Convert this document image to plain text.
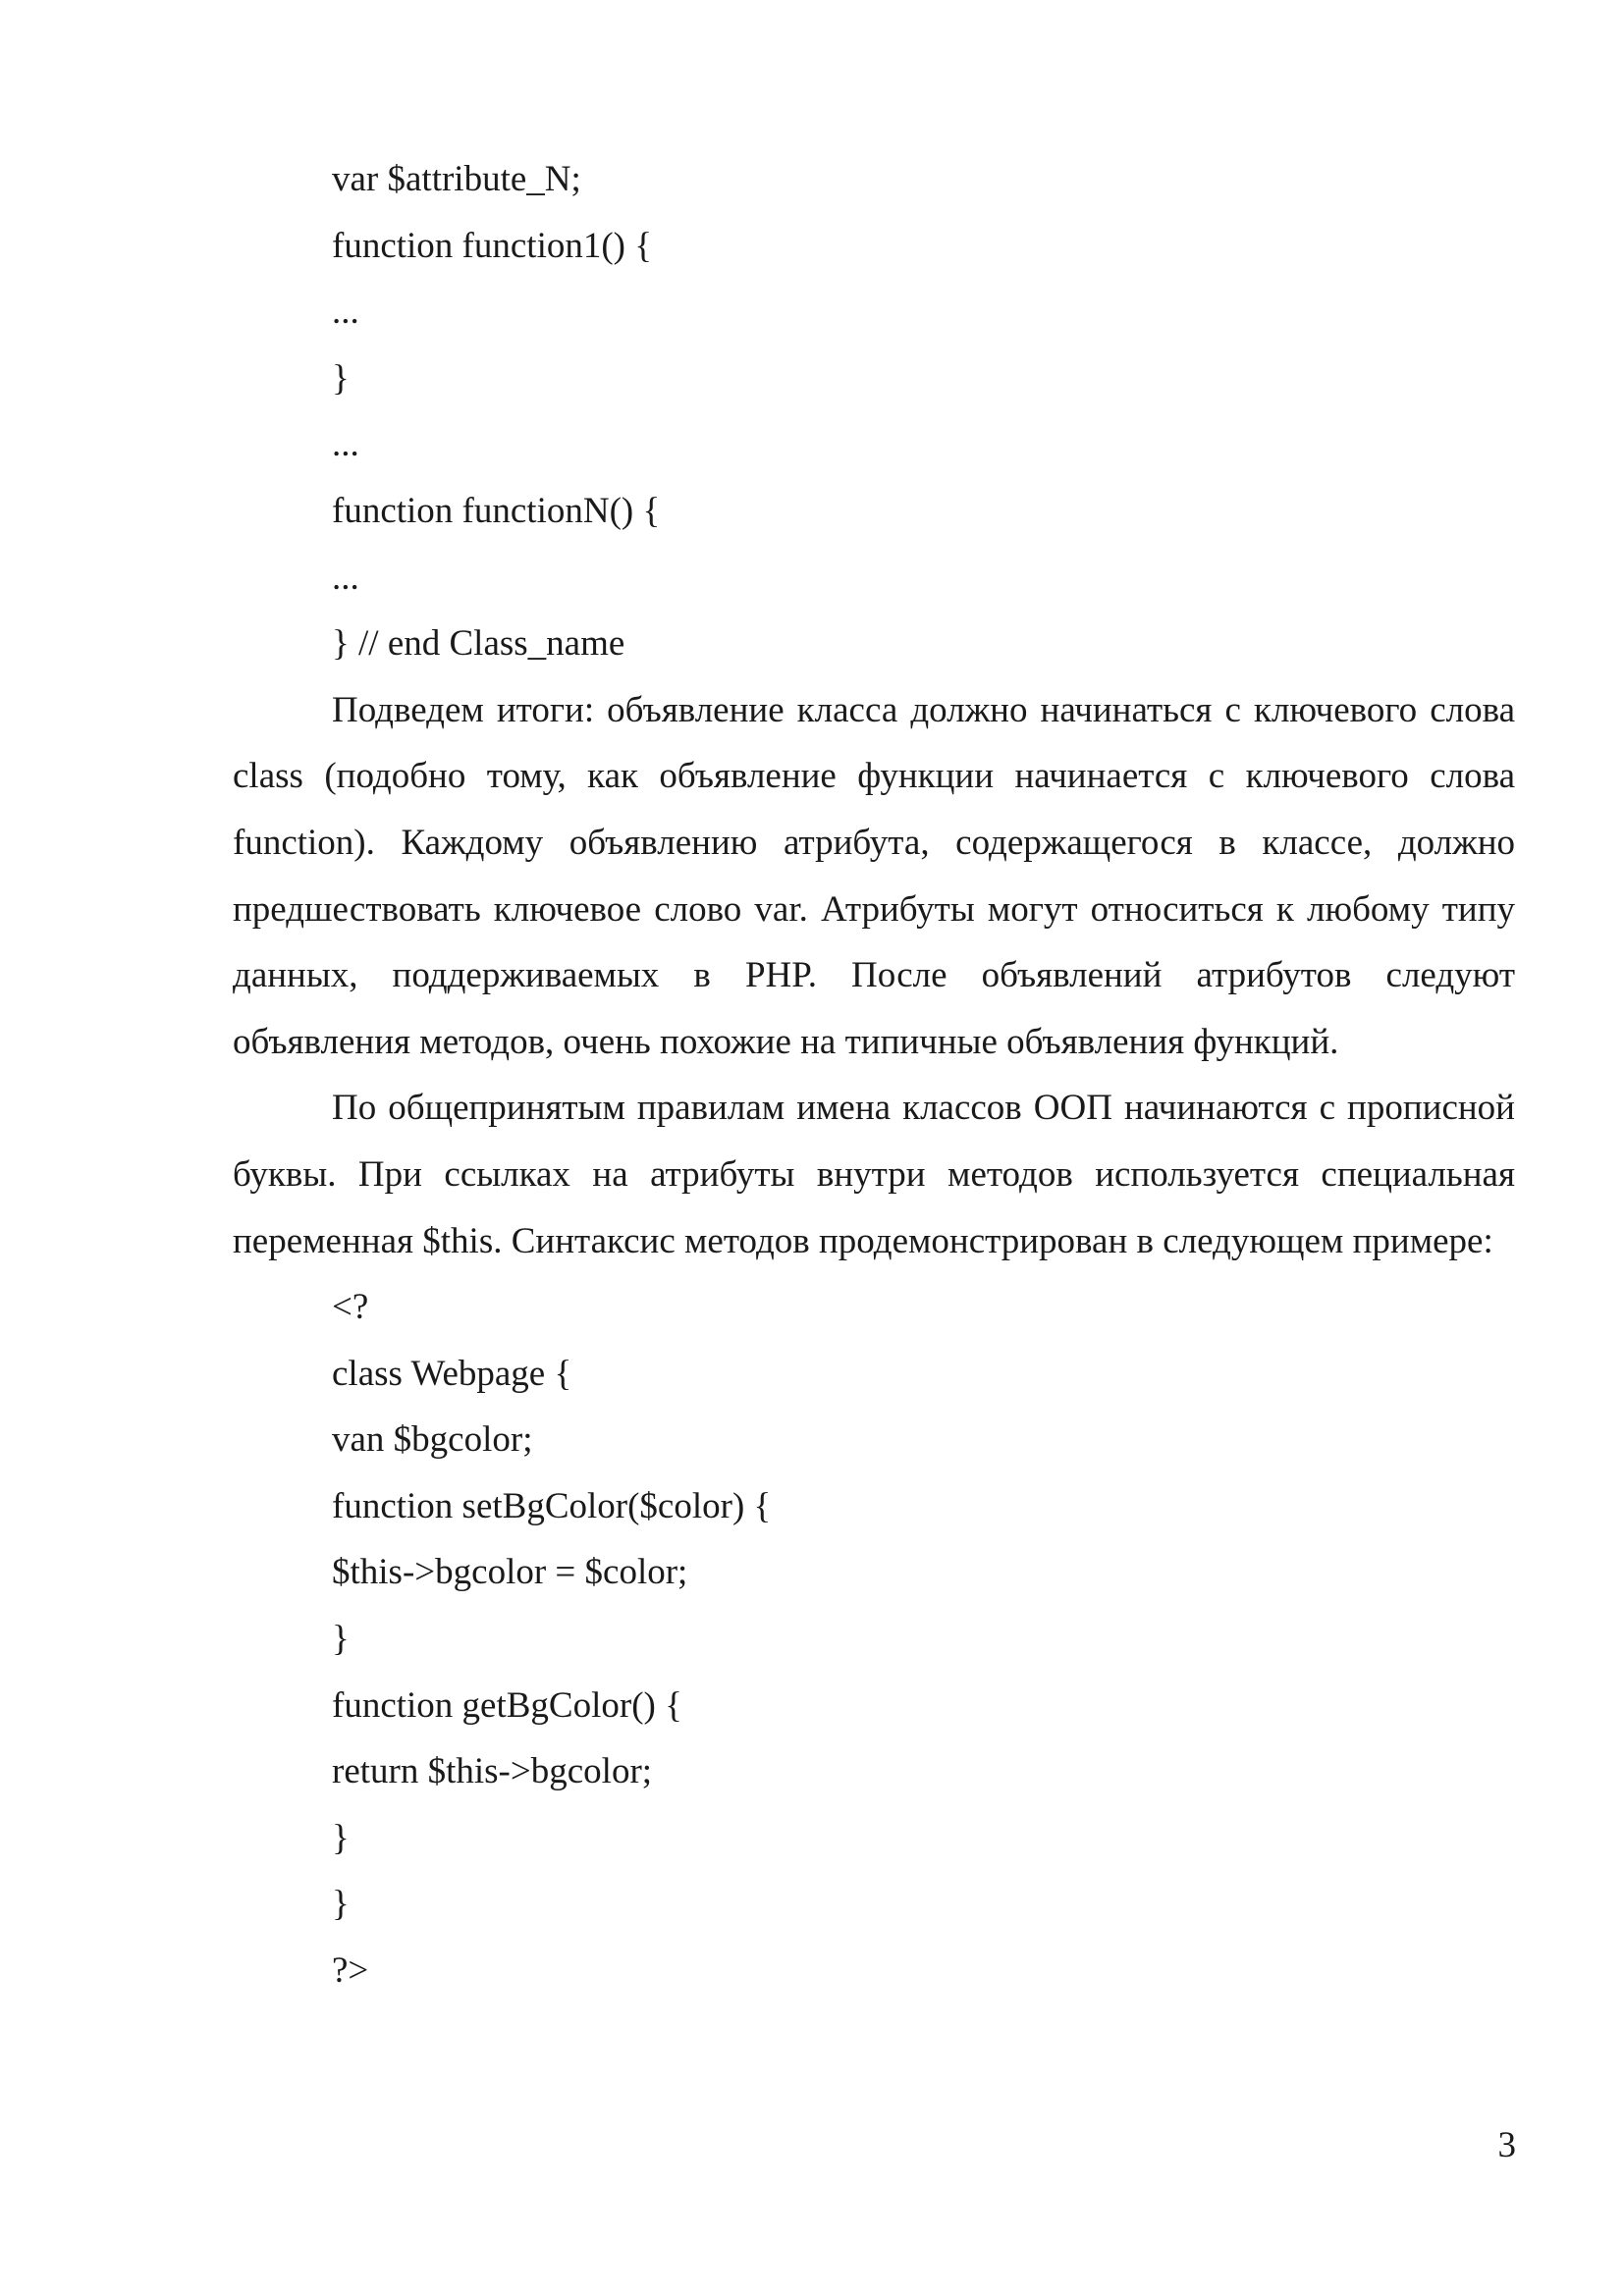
var $attribute_N;
function function1() {
...
}
...
function functionN() {
...
} // end Class_name

Подведем итоги: объявление класса должно начинаться с ключевого слова class (подобно тому, как объявление функции начинается с ключевого слова function). Каждому объявлению атрибута, содержащегося в классе, должно предшествовать ключевое слово var. Атрибуты могут относиться к любому типу данных, поддерживаемых в PHP. После объявлений атрибутов следуют объявления методов, очень похожие на типичные объявления функций.

По общепринятым правилам имена классов ООП начинаются с прописной буквы. При ссылках на атрибуты внутри методов используется специальная переменная $this. Синтаксис методов продемонстрирован в следующем примере:

<?
class Webpage {
van $bgcolor;
function setBgColor($color) {
$this->bgcolor = $color;
}
function getBgColor() {
return $this->bgcolor;
}
}
?>
3
